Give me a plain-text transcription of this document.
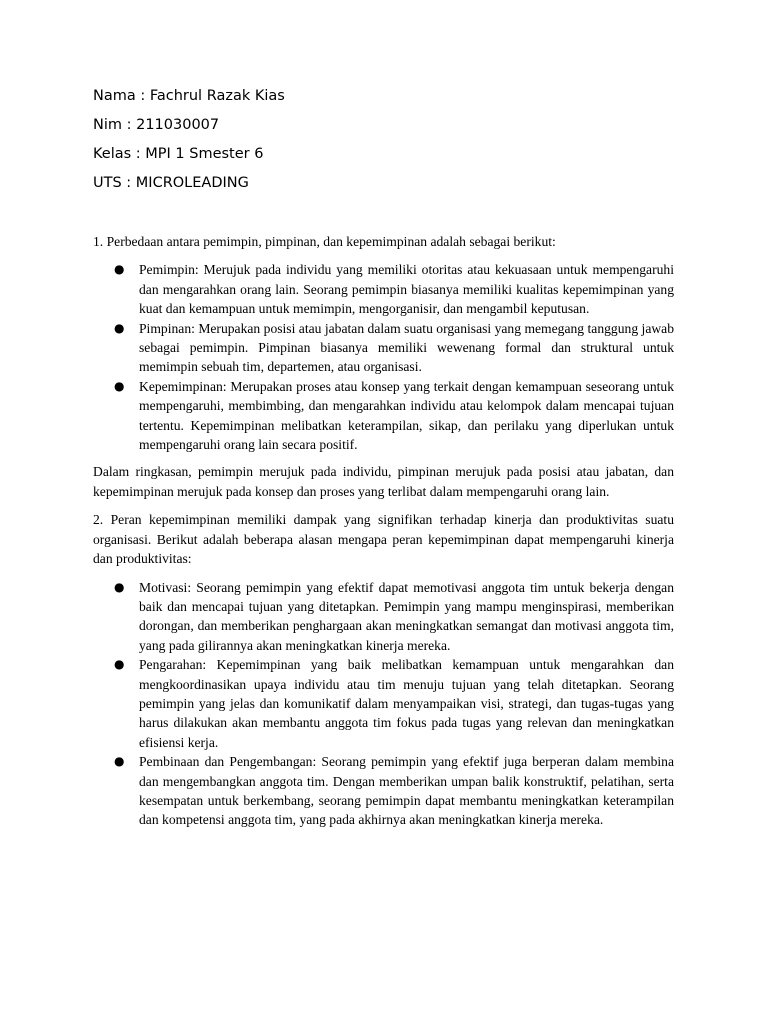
Nama : Fachrul Razak Kias
Nim : 211030007
Kelas : MPI 1 Smester 6
UTS : MICROLEADING

1. Perbedaan antara pemimpin, pimpinan, dan kepemimpinan adalah sebagai berikut:

● Pemimpin: Merujuk pada individu yang memiliki otoritas atau kekuasaan untuk mempengaruhi dan mengarahkan orang lain. Seorang pemimpin biasanya memiliki kualitas kepemimpinan yang kuat dan kemampuan untuk memimpin, mengorganisir, dan mengambil keputusan.
● Pimpinan: Merupakan posisi atau jabatan dalam suatu organisasi yang memegang tanggung jawab sebagai pemimpin. Pimpinan biasanya memiliki wewenang formal dan struktural untuk memimpin sebuah tim, departemen, atau organisasi.
● Kepemimpinan: Merupakan proses atau konsep yang terkait dengan kemampuan seseorang untuk mempengaruhi, membimbing, dan mengarahkan individu atau kelompok dalam mencapai tujuan tertentu. Kepemimpinan melibatkan keterampilan, sikap, dan perilaku yang diperlukan untuk mempengaruhi orang lain secara positif.

Dalam ringkasan, pemimpin merujuk pada individu, pimpinan merujuk pada posisi atau jabatan, dan kepemimpinan merujuk pada konsep dan proses yang terlibat dalam mempengaruhi orang lain.

2. Peran kepemimpinan memiliki dampak yang signifikan terhadap kinerja dan produktivitas suatu organisasi. Berikut adalah beberapa alasan mengapa peran kepemimpinan dapat mempengaruhi kinerja dan produktivitas:

● Motivasi: Seorang pemimpin yang efektif dapat memotivasi anggota tim untuk bekerja dengan baik dan mencapai tujuan yang ditetapkan. Pemimpin yang mampu menginspirasi, memberikan dorongan, dan memberikan penghargaan akan meningkatkan semangat dan motivasi anggota tim, yang pada gilirannya akan meningkatkan kinerja mereka.
● Pengarahan: Kepemimpinan yang baik melibatkan kemampuan untuk mengarahkan dan mengkoordinasikan upaya individu atau tim menuju tujuan yang telah ditetapkan. Seorang pemimpin yang jelas dan komunikatif dalam menyampaikan visi, strategi, dan tugas-tugas yang harus dilakukan akan membantu anggota tim fokus pada tugas yang relevan dan meningkatkan efisiensi kerja.
● Pembinaan dan Pengembangan: Seorang pemimpin yang efektif juga berperan dalam membina dan mengembangkan anggota tim. Dengan memberikan umpan balik konstruktif, pelatihan, serta kesempatan untuk berkembang, seorang pemimpin dapat membantu meningkatkan keterampilan dan kompetensi anggota tim, yang pada akhirnya akan meningkatkan kinerja mereka.
